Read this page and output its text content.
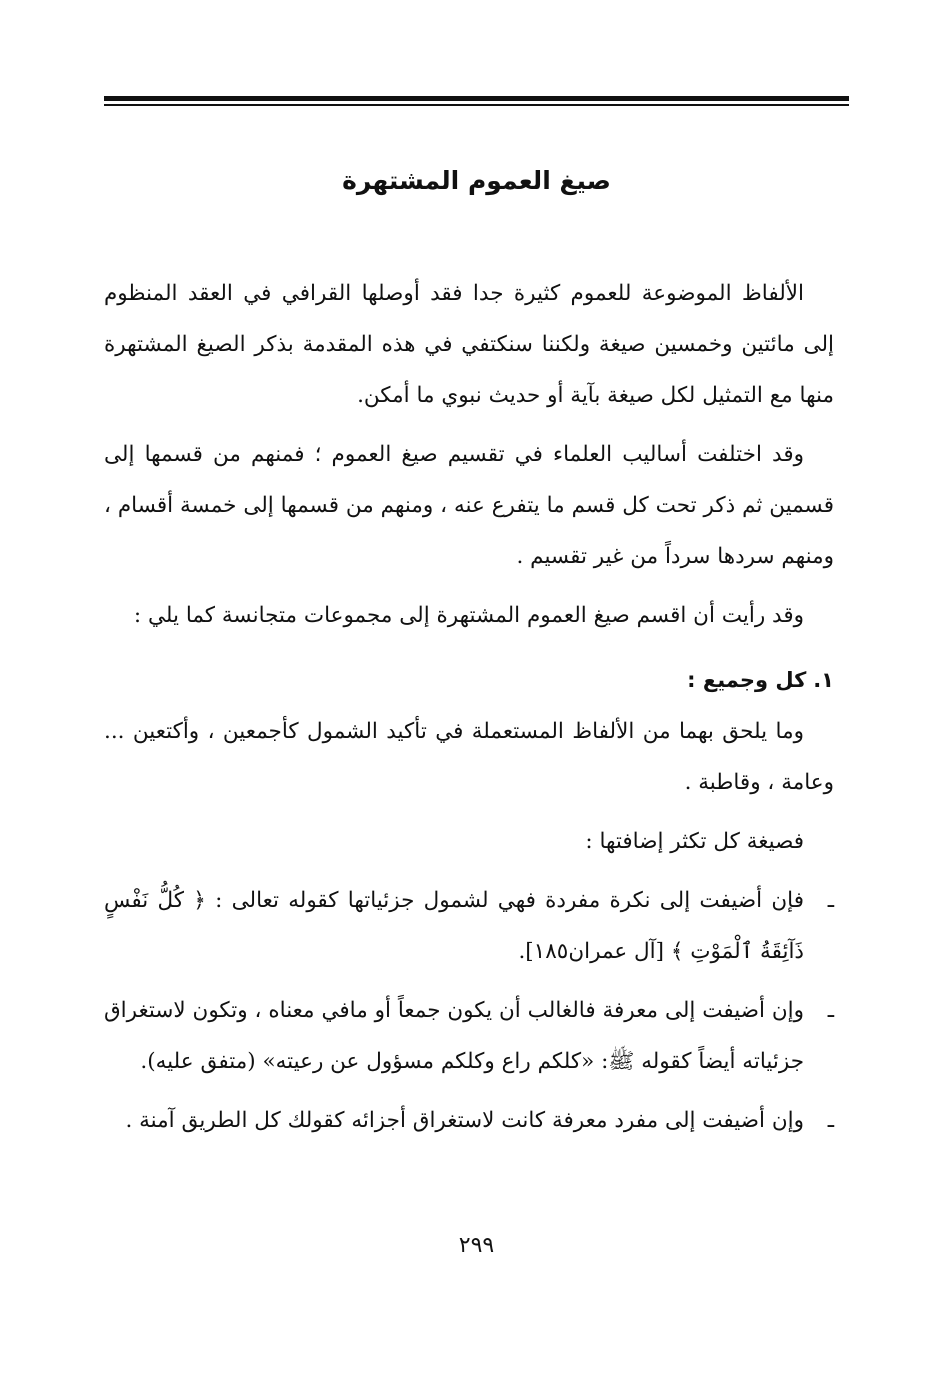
صيغ العموم المشتهرة

الألفاظ الموضوعة للعموم كثيرة جدا فقد أوصلها القرافي في العقد المنظوم إلى مائتين وخمسين صيغة ولكننا سنكتفي في هذه المقدمة بذكر الصيغ المشتهرة منها مع التمثيل لكل صيغة بآية أو حديث نبوي ما أمكن.

وقد اختلفت أساليب العلماء في تقسيم صيغ العموم ؛ فمنهم من قسمها إلى قسمين ثم ذكر تحت كل قسم ما يتفرع عنه ، ومنهم من قسمها إلى خمسة أقسام ، ومنهم سردها سرداً من غير تقسيم .

وقد رأيت أن اقسم صيغ العموم المشتهرة إلى مجموعات متجانسة كما يلي :

١. كل وجميع :

وما يلحق بهما من الألفاظ المستعملة في تأكيد الشمول كأجمعين ، وأكتعين ... وعامة ، وقاطبة .

فصيغة كل تكثر إضافتها :

ـ
فإن أضيفت إلى نكرة مفردة فهي لشمول جزئياتها كقوله تعالى : ﴿ كُلُّ نَفْسٍ ذَآئِقَةُ ٱلْمَوْتِ ﴾ [آل عمران١٨٥].

ـ
وإن أضيفت إلى معرفة فالغالب أن يكون جمعاً أو مافي معناه ، وتكون لاستغراق جزئياته أيضاً كقوله ﷺ: «كلكم راع وكلكم مسؤول عن رعيته» (متفق عليه).

ـ
وإن أضيفت إلى مفرد معرفة كانت لاستغراق أجزائه كقولك كل الطريق آمنة .

٢٩٩
